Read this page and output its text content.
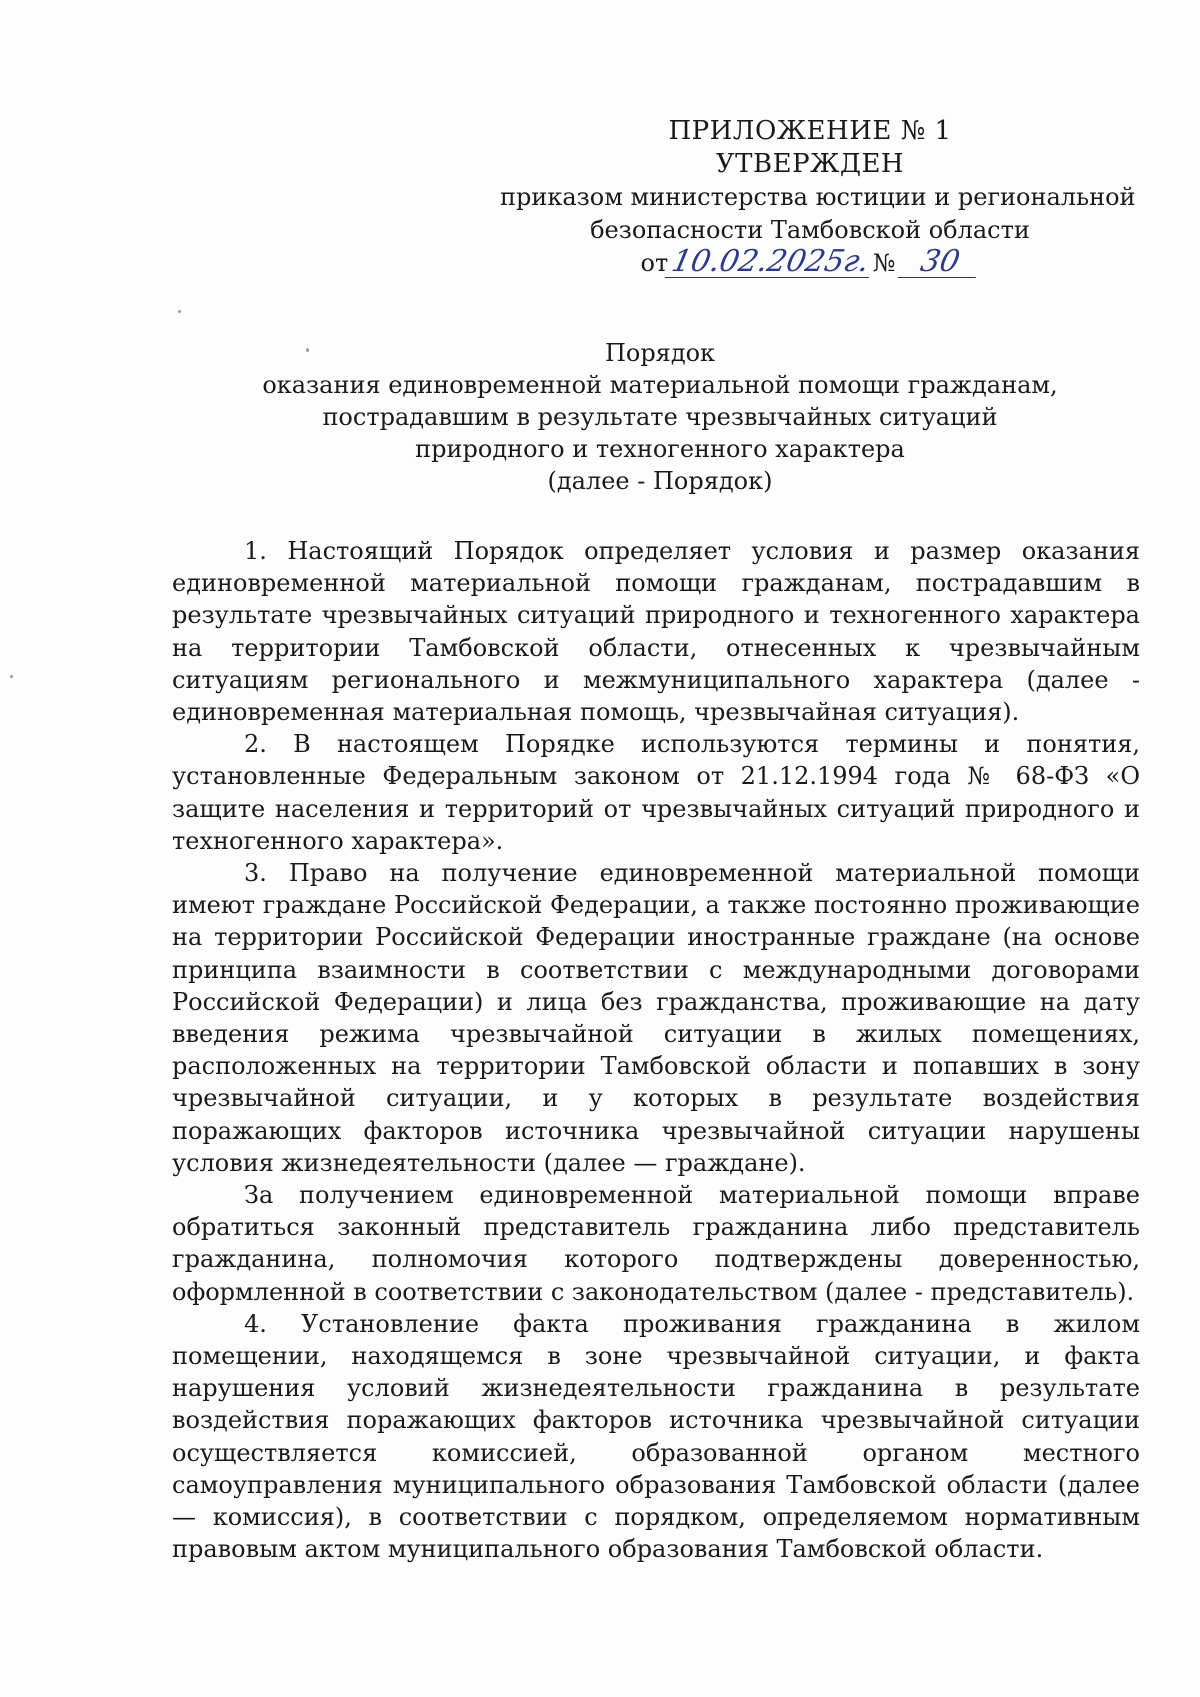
ПРИЛОЖЕНИЕ № 1
УТВЕРЖДЕН
приказом министерства юстиции и региональной
безопасности Тамбовской области
от10.02.2025г.№ 30
Порядок
оказания единовременной материальной помощи гражданам,
пострадавшим в результате чрезвычайных ситуаций
природного и техногенного характера
(далее - Порядок)

1. Настоящий Порядок определяет условия и размер оказания единовременной материальной помощи гражданам, пострадавшим в результате чрезвычайных ситуаций природного и техногенного характера на территории Тамбовской области, отнесенных к чрезвычайным ситуациям регионального и межмуниципального характера (далее - единовременная материальная помощь, чрезвычайная ситуация).

2. В настоящем Порядке используются термины и понятия, установленные Федеральным законом от 21.12.1994 года № 68-ФЗ «О защите населения и территорий от чрезвычайных ситуаций природного и техногенного характера».

3. Право на получение единовременной материальной помощи имеют граждане Российской Федерации, а также постоянно проживающие на территории Российской Федерации иностранные граждане (на основе принципа взаимности в соответствии с международными договорами Российской Федерации) и лица без гражданства, проживающие на дату введения режима чрезвычайной ситуации в жилых помещениях, расположенных на территории Тамбовской области и попавших в зону чрезвычайной ситуации, и у которых в результате воздействия поражающих факторов источника чрезвычайной ситуации нарушены условия жизнедеятельности (далее — граждане).

За получением единовременной материальной помощи вправе обратиться законный представитель гражданина либо представитель гражданина, полномочия которого подтверждены доверенностью, оформленной в соответствии с законодательством (далее - представитель).

4. Установление факта проживания гражданина в жилом помещении, находящемся в зоне чрезвычайной ситуации, и факта нарушения условий жизнедеятельности гражданина в результате воздействия поражающих факторов источника чрезвычайной ситуации осуществляется комиссией, образованной органом местного самоуправления муниципального образования Тамбовской области (далее — комиссия), в соответствии с порядком, определяемом нормативным правовым актом муниципального образования Тамбовской области.
